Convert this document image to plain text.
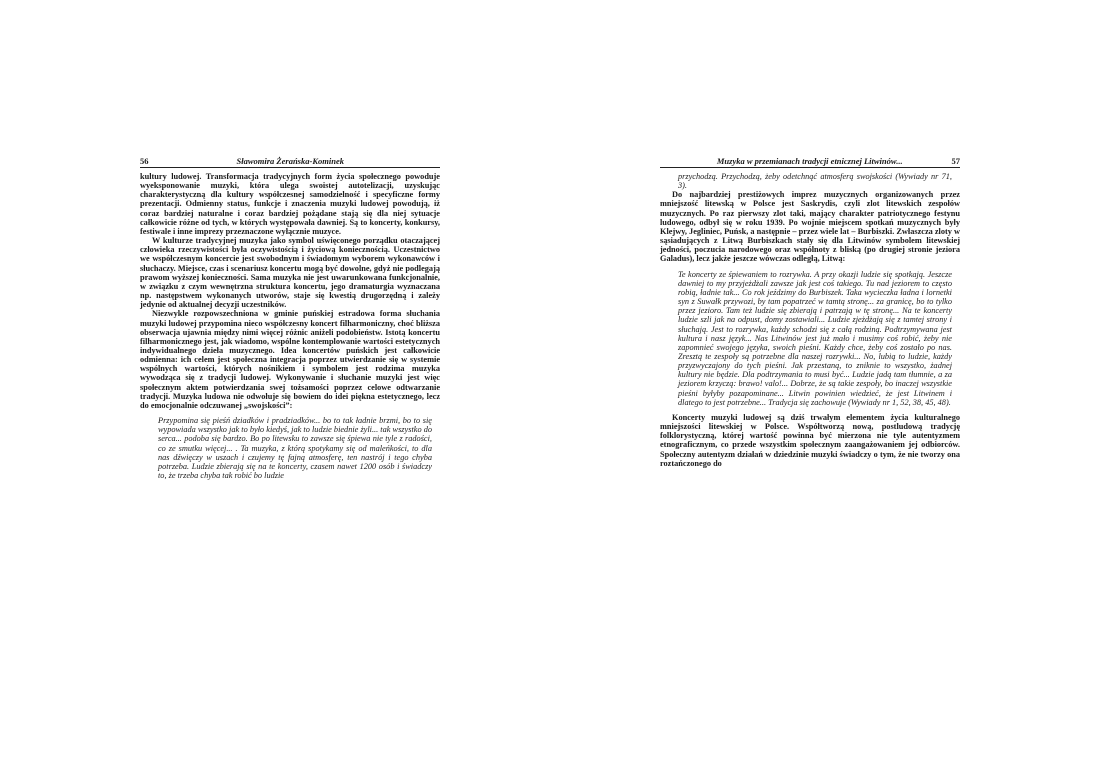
56	Sławomira Żerańska-Kominek

kultury ludowej. Transformacja tradycyjnych form życia społecznego powoduje wyeksponowanie muzyki, która ulega swoistej autotelizacji, uzyskując charakterystyczną dla kultury współczesnej samodzielność i specyficzne formy prezentacji. Odmienny status, funkcje i znaczenia muzyki ludowej powodują, iż coraz bardziej naturalne i coraz bardziej pożądane stają się dla niej sytuacje całkowicie różne od tych, w których występowała dawniej. Są to koncerty, konkursy, festiwale i inne imprezy przeznaczone wyłącznie muzyce.

W kulturze tradycyjnej muzyka jako symbol uświęconego porządku otaczającej człowieka rzeczywistości była oczywistością i życiową koniecznością. Uczestnictwo we współczesnym koncercie jest swobodnym i świadomym wyborem wykonawców i słuchaczy. Miejsce, czas i scenariusz koncertu mogą być dowolne, gdyż nie podlegają prawom wyższej konieczności. Sama muzyka nie jest uwarunkowana funkcjonalnie, w związku z czym wewnętrzna struktura koncertu, jego dramaturgia wyznaczana np. następstwem wykonanych utworów, staje się kwestią drugorzędną i zależy jedynie od aktualnej decyzji uczestników.

Niezwykle rozpowszechniona w gminie puńskiej estradowa forma słuchania muzyki ludowej przypomina nieco współczesny koncert filharmoniczny, choć bliższa obserwacja ujawnia między nimi więcej różnic aniżeli podobieństw. Istotą koncertu filharmonicznego jest, jak wiadomo, wspólne kontemplowanie wartości estetycznych indywidualnego dzieła muzycznego. Idea koncertów puńskich jest całkowicie odmienna: ich celem jest społeczna integracja poprzez utwierdzanie się w systemie wspólnych wartości, których nośnikiem i symbolem jest rodzima muzyka wywodząca się z tradycji ludowej. Wykonywanie i słuchanie muzyki jest więc społecznym aktem potwierdzania swej tożsamości poprzez celowe odtwarzanie tradycji. Muzyka ludowa nie odwołuje się bowiem do idei piękna estetycznego, lecz do emocjonalnie odczuwanej „swojskości”:

Przypomina się pieśń dziadków i pradziadków... bo to tak ładnie brzmi, bo to się wypowiada wszystko jak to było kiedyś, jak to ludzie biednie żyli... tak wszystko do serca... podoba się bardzo. Bo po litewsku to zawsze się śpiewa nie tyle z radości, co ze smutku więcej... . Ta muzyka, z którą spotykamy się od maleńkości, to dla nas dźwięczy w uszach i czujemy tę fajną atmosferę, ten nastrój i tego chyba potrzeba. Ludzie zbierają się na te koncerty, czasem nawet 1200 osób i świadczy to, że trzeba chyba tak robić bo ludzie

Muzyka w przemianach tradycji etnicznej Litwinów...	57

przychodzą. Przychodzą, żeby odetchnąć atmosferą swojskości (Wywiady nr 71, 3).

Do najbardziej prestiżowych imprez muzycznych organizowanych przez mniejszość litewską w Polsce jest Saskrydis, czyli zlot litewskich zespołów muzycznych. Po raz pierwszy zlot taki, mający charakter patriotycznego festynu ludowego, odbył się w roku 1939. Po wojnie miejscem spotkań muzycznych były Klejwy, Jegliniec, Puńsk, a następnie – przez wiele lat – Burbiszki. Zwłaszcza zloty w sąsiadujących z Litwą Burbiszkach stały się dla Litwinów symbolem litewskiej jedności, poczucia narodowego oraz wspólnoty z bliską (po drugiej stronie jeziora Galadus), lecz jakże jeszcze wówczas odległą, Litwą:

Te koncerty ze śpiewaniem to rozrywka. A przy okazji ludzie się spotkają. Jeszcze dawniej to my przyjeżdżali zawsze jak jest coś takiego. Tu nad jeziorem to często robią, ładnie tak... Co rok jeździmy do Burbiszek. Taka wycieczka ładna i lornetki syn z Suwałk przywozi, by tam popatrzeć w tamtą stronę... za granicę, bo to tylko przez jezioro. Tam też ludzie się zbierają i patrzają w tę stronę... Na te koncerty ludzie szli jak na odpust, domy zostawiali... Ludzie zjeżdżają się z tamtej strony i słuchają. Jest to rozrywka, każdy schodzi się z całą rodziną. Podtrzymywana jest kultura i nasz język... Nas Litwinów jest już mało i musimy coś robić, żeby nie zapomnieć swojego języka, swoich pieśni. Każdy chce, żeby coś zostało po nas. Zresztą te zespoły są potrzebne dla naszej rozrywki... No, lubią to ludzie, każdy przyzwyczajony do tych pieśni. Jak przestaną, to zniknie to wszystko, żadnej kultury nie będzie. Dla podtrzymania to musi być... Ludzie jadą tam tłumnie, a za jeziorem krzyczą: brawo! valo!... Dobrze, że są takie zespoły, bo inaczej wszystkie pieśni byłyby pozapominane... Litwin powinien wiedzieć, że jest Litwinem i dlatego to jest potrzebne... Tradycja się zachowuje (Wywiady nr 1, 52, 38, 45, 48).

Koncerty muzyki ludowej są dziś trwałym elementem życia kulturalnego mniejszości litewskiej w Polsce. Współtworzą nową, postludową tradycję folklorystyczną, której wartość powinna być mierzona nie tyle autentyzmem etnograficznym, co przede wszystkim społecznym zaangażowaniem jej odbiorców. Społeczny autentyzm działań w dziedzinie muzyki świadczy o tym, że nie tworzy ona roztańczonego do
